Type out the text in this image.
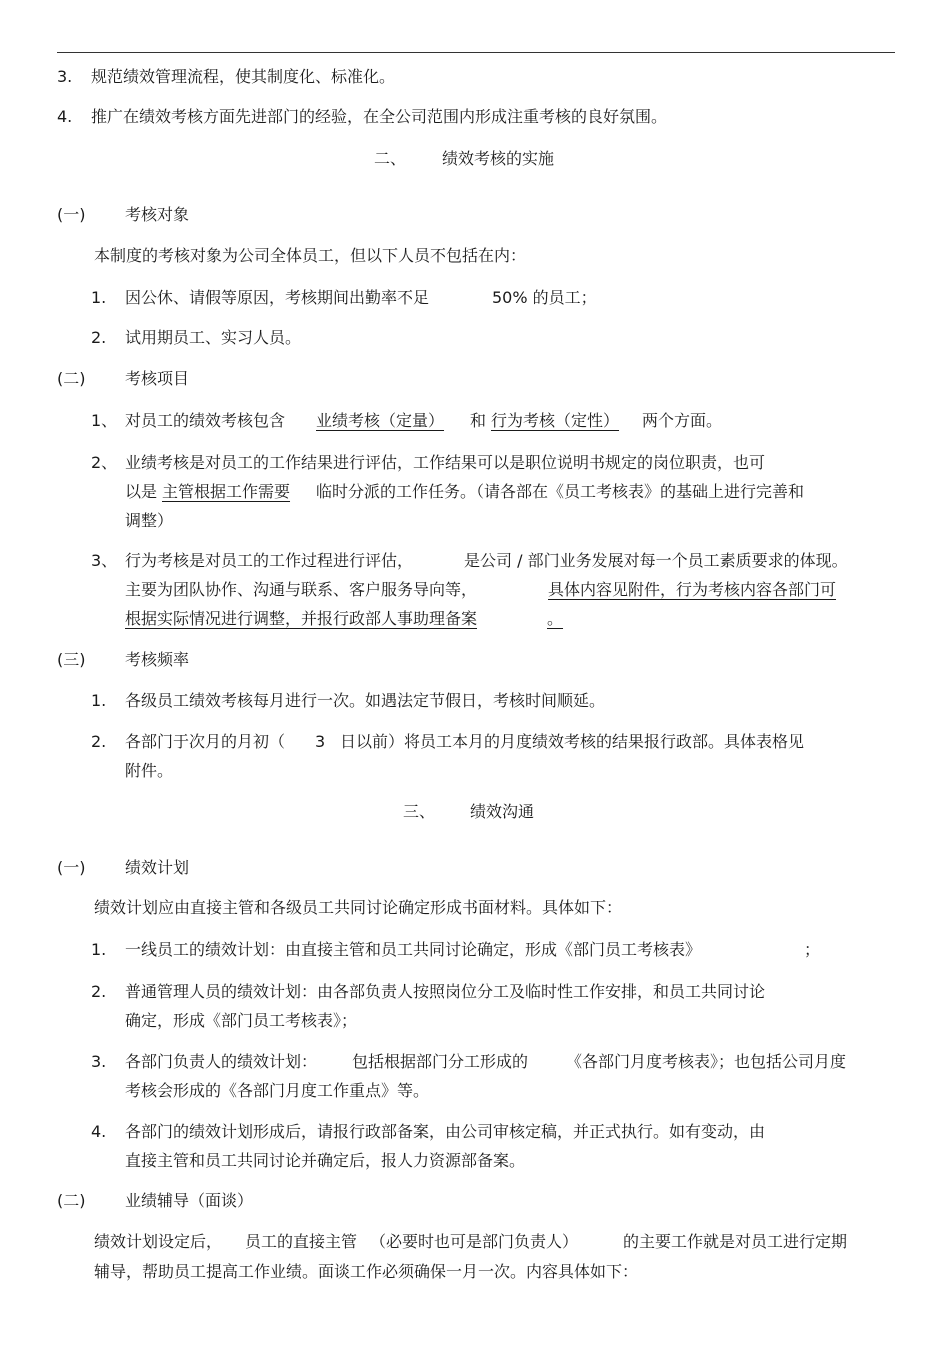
3. 规范绩效管理流程，使其制度化、标准化。
4. 推广在绩效考核方面先进部门的经验，在全公司范围内形成注重考核的良好氛围。
二、 绩效考核的实施
(一) 考核对象
本制度的考核对象为公司全体员工，但以下人员不包括在内：
1. 因公休、请假等原因，考核期间出勤率不足	50% 的员工；
2. 试用期员工、实习人员。
(二) 考核项目
1、 对员工的绩效考核包含 业绩考核（定量）	和 行为考核（定性）	两个方面。
2、 业绩考核是对员工的工作结果进行评估，工作结果可以是职位说明书规定的岗位职责，也可
以是 主管根据工作需要	临时分派的工作任务。（请各部在《员工考核表》的基础上进行完善和
调整）
3、 行为考核是对员工的工作过程进行评估，	是公司 / 部门业务发展对每一个员工素质要求的体现。
主要为团队协作、沟通与联系、客户服务导向等，	具体内容见附件，行为考核内容各部门可
根据实际情况进行调整，并报行政部人事助理备案	。
(三) 考核频率
1. 各级员工绩效考核每月进行一次。如遇法定节假日，考核时间顺延。
2. 各部门于次月的月初（ 3 日以前）将员工本月的月度绩效考核的结果报行政部。具体表格见
附件。
三、 绩效沟通
(一) 绩效计划
绩效计划应由直接主管和各级员工共同讨论确定形成书面材料。具体如下：
1. 一线员工的绩效计划：由直接主管和员工共同讨论确定，形成《部门员工考核表》	；
2. 普通管理人员的绩效计划：由各部负责人按照岗位分工及临时性工作安排，和员工共同讨论
确定，形成《部门员工考核表》；
3. 各部门负责人的绩效计划： 包括根据部门分工形成的 《各部门月度考核表》；也包括公司月度
考核会形成的《各部门月度工作重点》等。
4. 各部门的绩效计划形成后，请报行政部备案，由公司审核定稿，并正式执行。如有变动，由
直接主管和员工共同讨论并确定后，报人力资源部备案。
(二) 业绩辅导（面谈）
绩效计划设定后， 员工的直接主管 （必要时也可是部门负责人）	的主要工作就是对员工进行定期
辅导，帮助员工提高工作业绩。面谈工作必须确保一月一次。内容具体如下：
